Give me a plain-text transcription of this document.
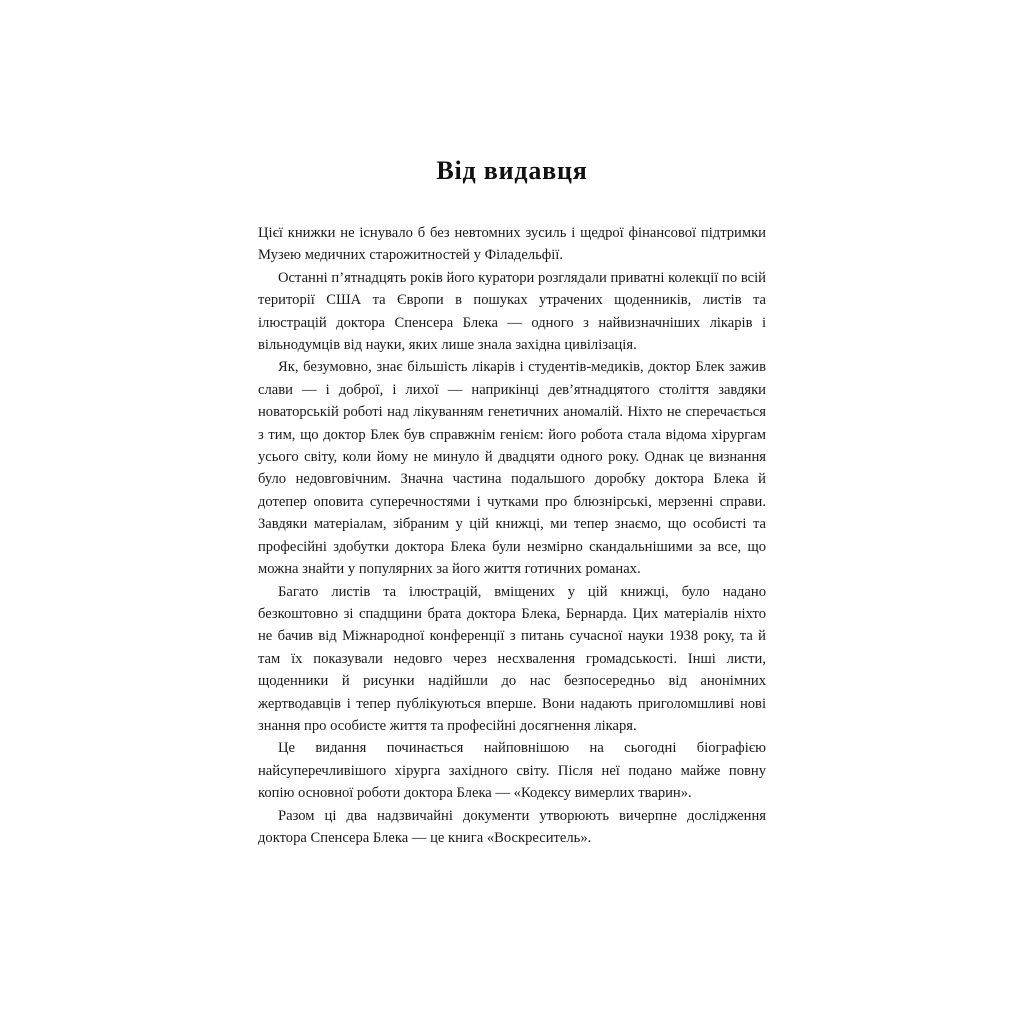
Від видавця

Цієї книжки не існувало б без невтомних зусиль і щедрої фінансової підтримки Музею медичних старожитностей у Філадельфії.

Останні п’ятнадцять років його куратори розглядали приватні колекції по всій території США та Європи в пошуках утрачених щоденників, листів та ілюстрацій доктора Спенсера Блека — одного з найвизначніших лікарів і вільнодумців від науки, яких лише знала західна цивілізація.

Як, безумовно, знає більшість лікарів і студентів-медиків, доктор Блек зажив слави — і доброї, і лихої — наприкінці дев’ятнадцятого століття завдяки новаторській роботі над лікуванням генетичних аномалій. Ніхто не сперечається з тим, що доктор Блек був справжнім генієм: його робота стала відома хірургам усього світу, коли йому не минуло й двадцяти одного року. Однак це визнання було недовговічним. Значна частина подальшого доробку доктора Блека й дотепер оповита суперечностями і чутками про блюзнірські, мерзенні справи. Завдяки матеріалам, зібраним у цій книжці, ми тепер знаємо, що особисті та професійні здобутки доктора Блека були незмірно скандальнішими за все, що можна знайти у популярних за його життя готичних романах.

Багато листів та ілюстрацій, вміщених у цій книжці, було надано безкоштовно зі спадщини брата доктора Блека, Бернарда. Цих матеріалів ніхто не бачив від Міжнародної конференції з питань сучасної науки 1938 року, та й там їх показували недовго через несхвалення громадськості. Інші листи, щоденники й рисунки надійшли до нас безпосередньо від анонімних жертводавців і тепер публікуються вперше. Вони надають приголомшливі нові знання про особисте життя та професійні досягнення лікаря.

Це видання починається найповнішою на сьогодні біографією найсуперечливішого хірурга західного світу. Після неї подано майже повну копію основної роботи доктора Блека — «Кодексу вимерлих тварин».

Разом ці два надзвичайні документи утворюють вичерпне дослідження доктора Спенсера Блека — це книга «Воскреситель».
